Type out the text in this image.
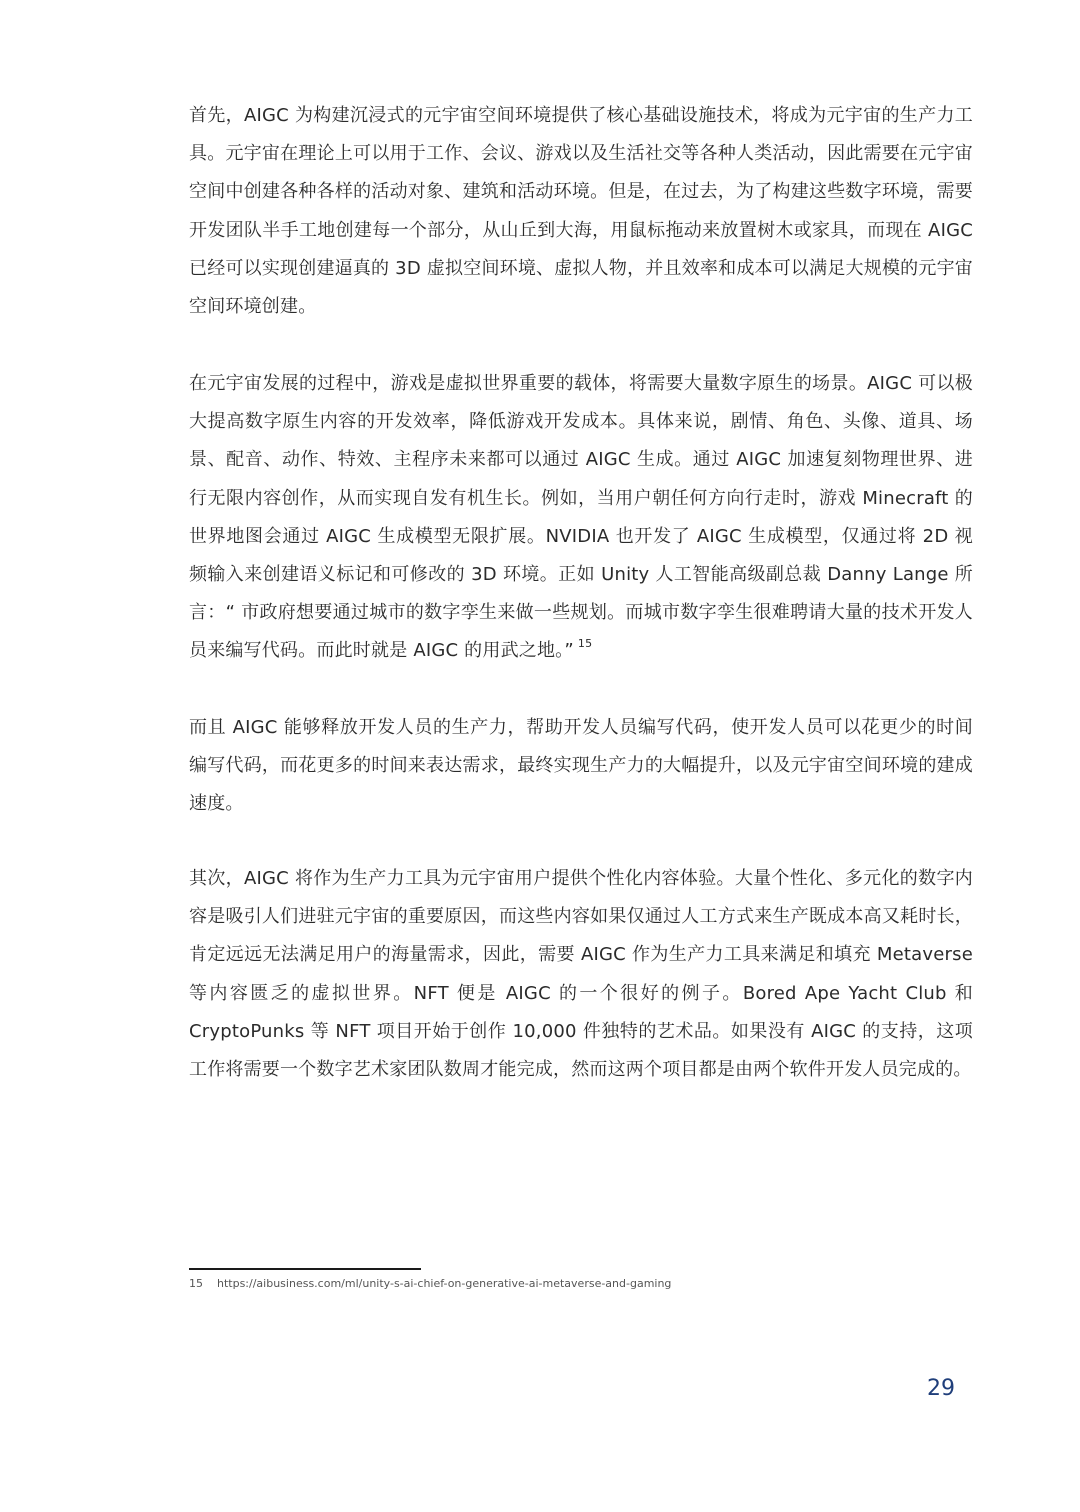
首先，AIGC 为构建沉浸式的元宇宙空间环境提供了核心基础设施技术，将成为元宇宙的生产力工具。元宇宙在理论上可以用于工作、会议、游戏以及生活社交等各种人类活动，因此需要在元宇宙空间中创建各种各样的活动对象、建筑和活动环境。但是，在过去，为了构建这些数字环境，需要开发团队半手工地创建每一个部分，从山丘到大海，用鼠标拖动来放置树木或家具，而现在 AIGC 已经可以实现创建逼真的 3D 虚拟空间环境、虚拟人物，并且效率和成本可以满足大规模的元宇宙空间环境创建。

在元宇宙发展的过程中，游戏是虚拟世界重要的载体，将需要大量数字原生的场景。AIGC 可以极大提高数字原生内容的开发效率，降低游戏开发成本。具体来说，剧情、角色、头像、道具、场景、配音、动作、特效、主程序未来都可以通过 AIGC 生成。通过 AIGC 加速复刻物理世界、进行无限内容创作，从而实现自发有机生长。例如，当用户朝任何方向行走时，游戏 Minecraft 的世界地图会通过 AIGC 生成模型无限扩展。NVIDIA 也开发了 AIGC 生成模型，仅通过将 2D 视频输入来创建语义标记和可修改的 3D 环境。正如 Unity 人工智能高级副总裁 Danny Lange 所言：“ 市政府想要通过城市的数字孪生来做一些规划。而城市数字孪生很难聘请大量的技术开发人员来编写代码。而此时就是 AIGC 的用武之地。” $^{15}$

而且 AIGC 能够释放开发人员的生产力，帮助开发人员编写代码，使开发人员可以花更少的时间编写代码，而花更多的时间来表达需求，最终实现生产力的大幅提升，以及元宇宙空间环境的建成速度。

其次，AIGC 将作为生产力工具为元宇宙用户提供个性化内容体验。大量个性化、多元化的数字内容是吸引人们进驻元宇宙的重要原因，而这些内容如果仅通过人工方式来生产既成本高又耗时长，肯定远远无法满足用户的海量需求，因此，需要 AIGC 作为生产力工具来满足和填充 Metaverse 等内容匮乏的虚拟世界。NFT 便是 AIGC 的一个很好的例子。Bored Ape Yacht Club 和 CryptoPunks 等 NFT 项目开始于创作 10,000 件独特的艺术品。如果没有 AIGC 的支持，这项工作将需要一个数字艺术家团队数周才能完成，然而这两个项目都是由两个软件开发人员完成的。

15 https://aibusiness.com/ml/unity-s-ai-chief-on-generative-ai-metaverse-and-gaming
29
